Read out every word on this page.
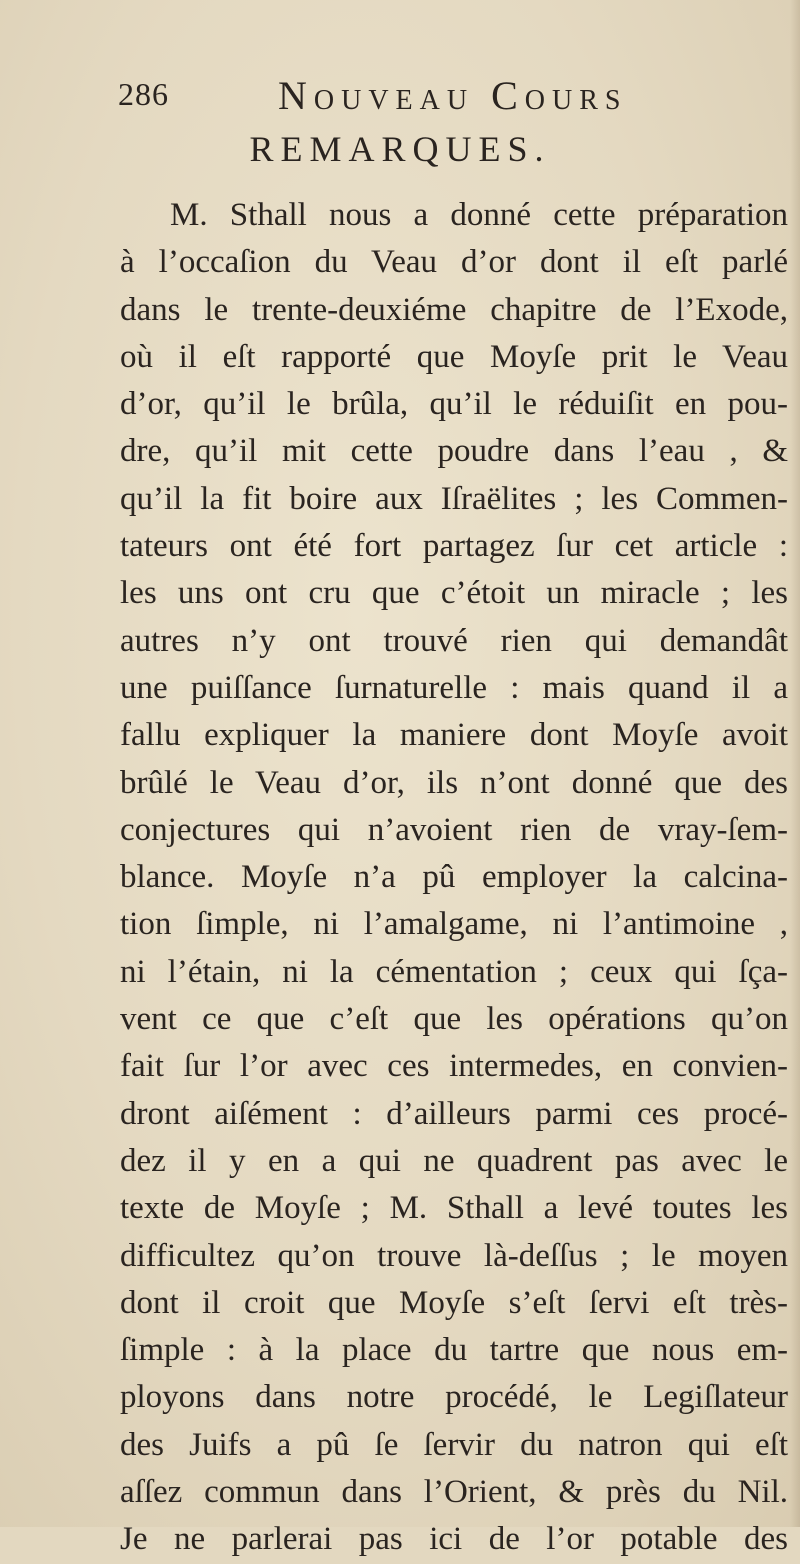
286	Nouveau Cours
REMARQUES.
M. Sthall nous a donné cette préparation
à l’occaſion du Veau d’or dont il eſt parlé
dans le trente-deuxiéme chapitre de l’Exode,
où il eſt rapporté que Moyſe prit le Veau
d’or, qu’il le brûla, qu’il le réduiſit en pou-
dre, qu’il mit cette poudre dans l’eau , &
qu’il la fit boire aux Iſraëlites ; les Commen-
tateurs ont été fort partagez ſur cet article :
les uns ont cru que c’étoit un miracle ; les
autres n’y ont trouvé rien qui demandât
une puiſſance ſurnaturelle : mais quand il a
fallu expliquer la maniere dont Moyſe avoit
brûlé le Veau d’or, ils n’ont donné que des
conjectures qui n’avoient rien de vray-ſem-
blance. Moyſe n’a pû employer la calcina-
tion ſimple, ni l’amalgame, ni l’antimoine ,
ni l’étain, ni la cémentation ; ceux qui ſça-
vent ce que c’eſt que les opérations qu’on
fait ſur l’or avec ces intermedes, en convien-
dront aiſément : d’ailleurs parmi ces procé-
dez il y en a qui ne quadrent pas avec le
texte de Moyſe ; M. Sthall a levé toutes les
difficultez qu’on trouve là-deſſus ; le moyen
dont il croit que Moyſe s’eſt ſervi eſt très-
ſimple : à la place du tartre que nous em-
ployons dans notre procédé, le Legiſlateur
des Juifs a pû ſe ſervir du natron qui eſt
aſſez commun dans l’Orient, & près du Nil.
Je ne parlerai pas ici de l’or potable des
